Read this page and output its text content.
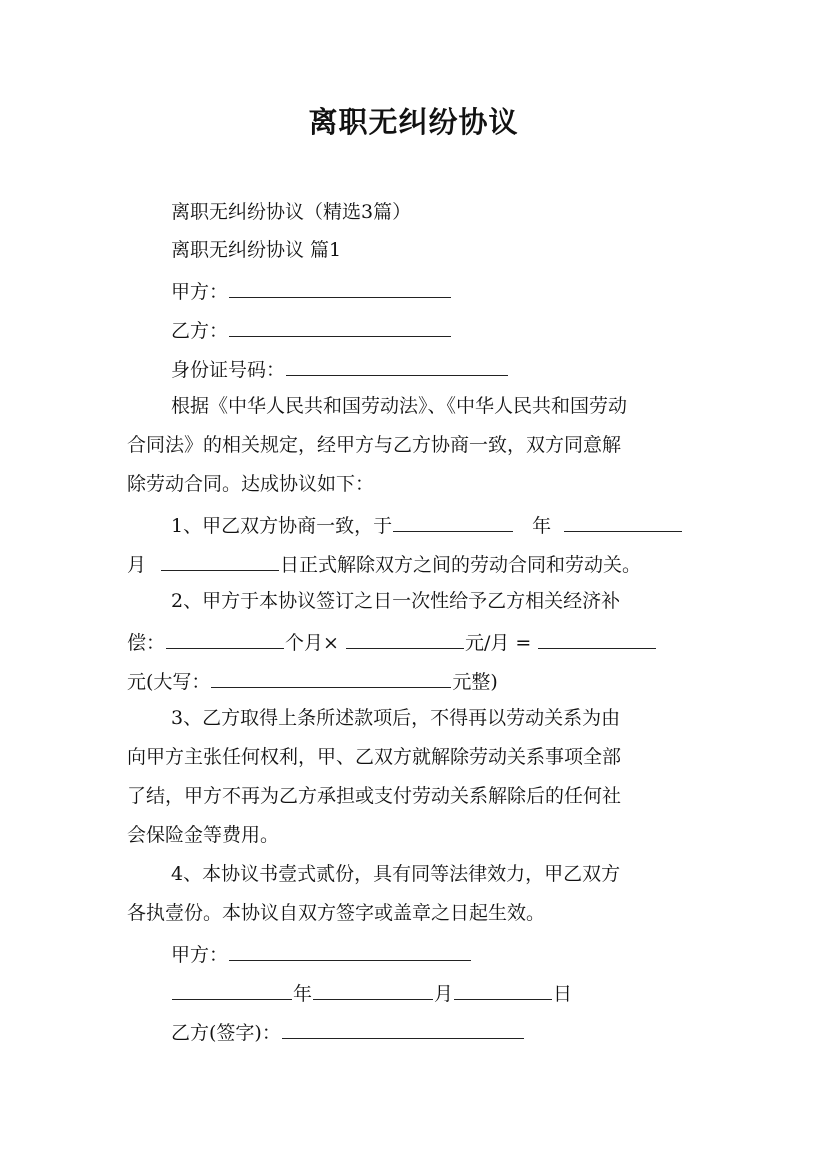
离职无纠纷协议
离职无纠纷协议（精选3篇）
离职无纠纷协议 篇1
甲方：
乙方：
身份证号码：
根据《中华人民共和国劳动法》、《中华人民共和国劳动
合同法》的相关规定，经甲方与乙方协商一致，双方同意解
除劳动合同。达成协议如下：
1、甲乙双方协商一致，于	年
月	日正式解除双方之间的劳动合同和劳动关。
2、甲方于本协议签订之日一次性给予乙方相关经济补
偿：	个月×	元/月 =
元(大写：	元整)
3、乙方取得上条所述款项后，不得再以劳动关系为由
向甲方主张任何权利，甲、乙双方就解除劳动关系事项全部
了结，甲方不再为乙方承担或支付劳动关系解除后的任何社
会保险金等费用。
4、本协议书壹式贰份，具有同等法律效力，甲乙双方
各执壹份。本协议自双方签字或盖章之日起生效。
甲方：
年	月	日
乙方(签字)：
